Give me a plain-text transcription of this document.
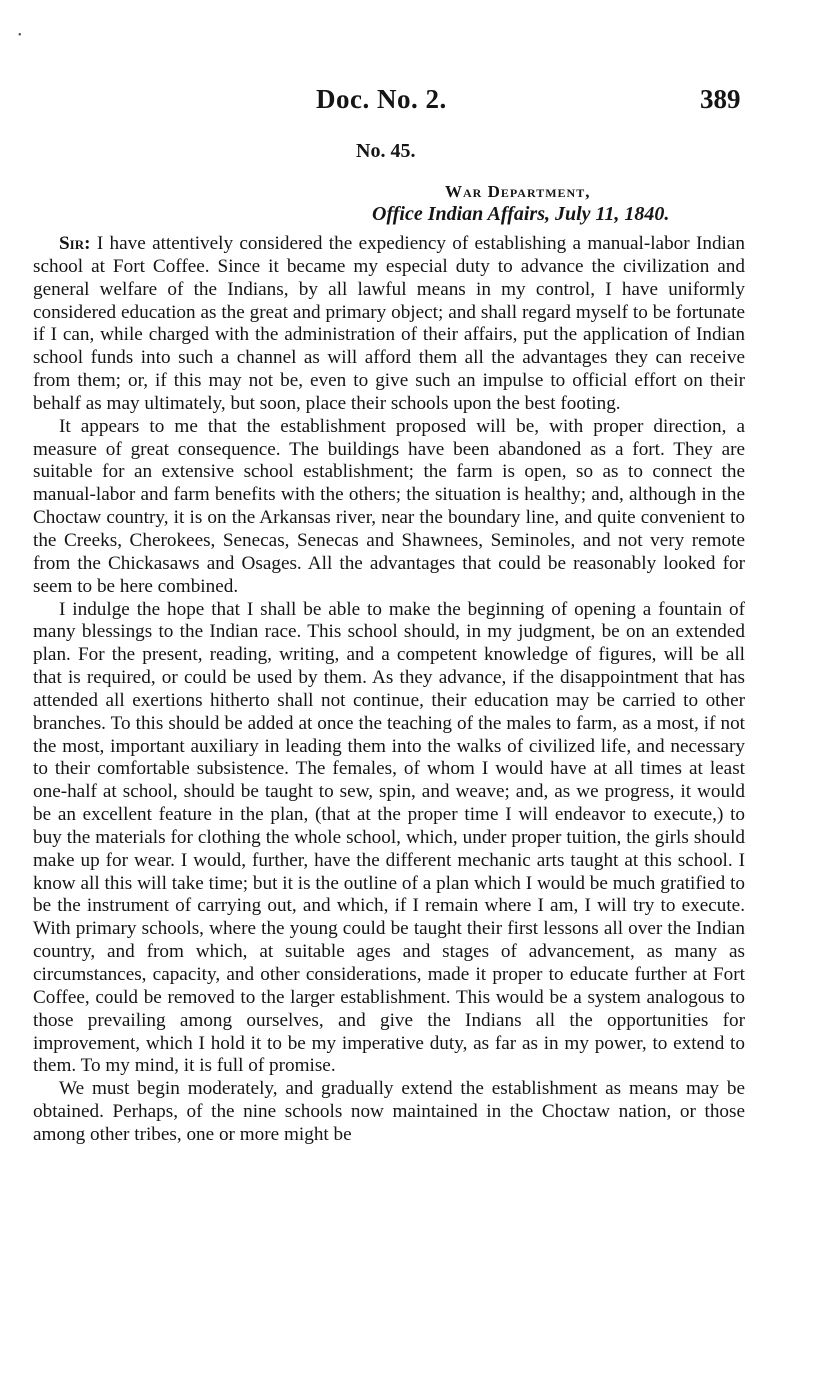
Doc. No. 2.	389
No. 45.
War Department,
Office Indian Affairs, July 11, 1840.

Sir: I have attentively considered the expediency of establishing a manual-labor Indian school at Fort Coffee. Since it became my especial duty to advance the civilization and general welfare of the Indians, by all lawful means in my control, I have uniformly considered education as the great and primary object; and shall regard myself to be fortunate if I can, while charged with the administration of their affairs, put the application of Indian school funds into such a channel as will afford them all the advantages they can receive from them; or, if this may not be, even to give such an impulse to official effort on their behalf as may ultimately, but soon, place their schools upon the best footing.

It appears to me that the establishment proposed will be, with proper direction, a measure of great consequence. The buildings have been abandoned as a fort. They are suitable for an extensive school establishment; the farm is open, so as to connect the manual-labor and farm benefits with the others; the situation is healthy; and, although in the Choctaw country, it is on the Arkansas river, near the boundary line, and quite convenient to the Creeks, Cherokees, Senecas, Senecas and Shawnees, Seminoles, and not very remote from the Chickasaws and Osages. All the advantages that could be reasonably looked for seem to be here combined.

I indulge the hope that I shall be able to make the beginning of opening a fountain of many blessings to the Indian race. This school should, in my judgment, be on an extended plan. For the present, reading, writing, and a competent knowledge of figures, will be all that is required, or could be used by them. As they advance, if the disappointment that has attended all exertions hitherto shall not continue, their education may be carried to other branches. To this should be added at once the teaching of the males to farm, as a most, if not the most, important auxiliary in leading them into the walks of civilized life, and necessary to their comfortable subsistence. The females, of whom I would have at all times at least one-half at school, should be taught to sew, spin, and weave; and, as we progress, it would be an excellent feature in the plan, (that at the proper time I will endeavor to execute,) to buy the materials for clothing the whole school, which, under proper tuition, the girls should make up for wear. I would, further, have the different mechanic arts taught at this school. I know all this will take time; but it is the outline of a plan which I would be much gratified to be the instrument of carrying out, and which, if I remain where I am, I will try to execute. With primary schools, where the young could be taught their first lessons all over the Indian country, and from which, at suitable ages and stages of advancement, as many as circumstances, capacity, and other considerations, made it proper to educate further at Fort Coffee, could be removed to the larger establishment. This would be a system analogous to those prevailing among ourselves, and give the Indians all the opportunities for improvement, which I hold it to be my imperative duty, as far as in my power, to extend to them. To my mind, it is full of promise.

We must begin moderately, and gradually extend the establishment as means may be obtained. Perhaps, of the nine schools now maintained in the Choctaw nation, or those among other tribes, one or more might be

•
